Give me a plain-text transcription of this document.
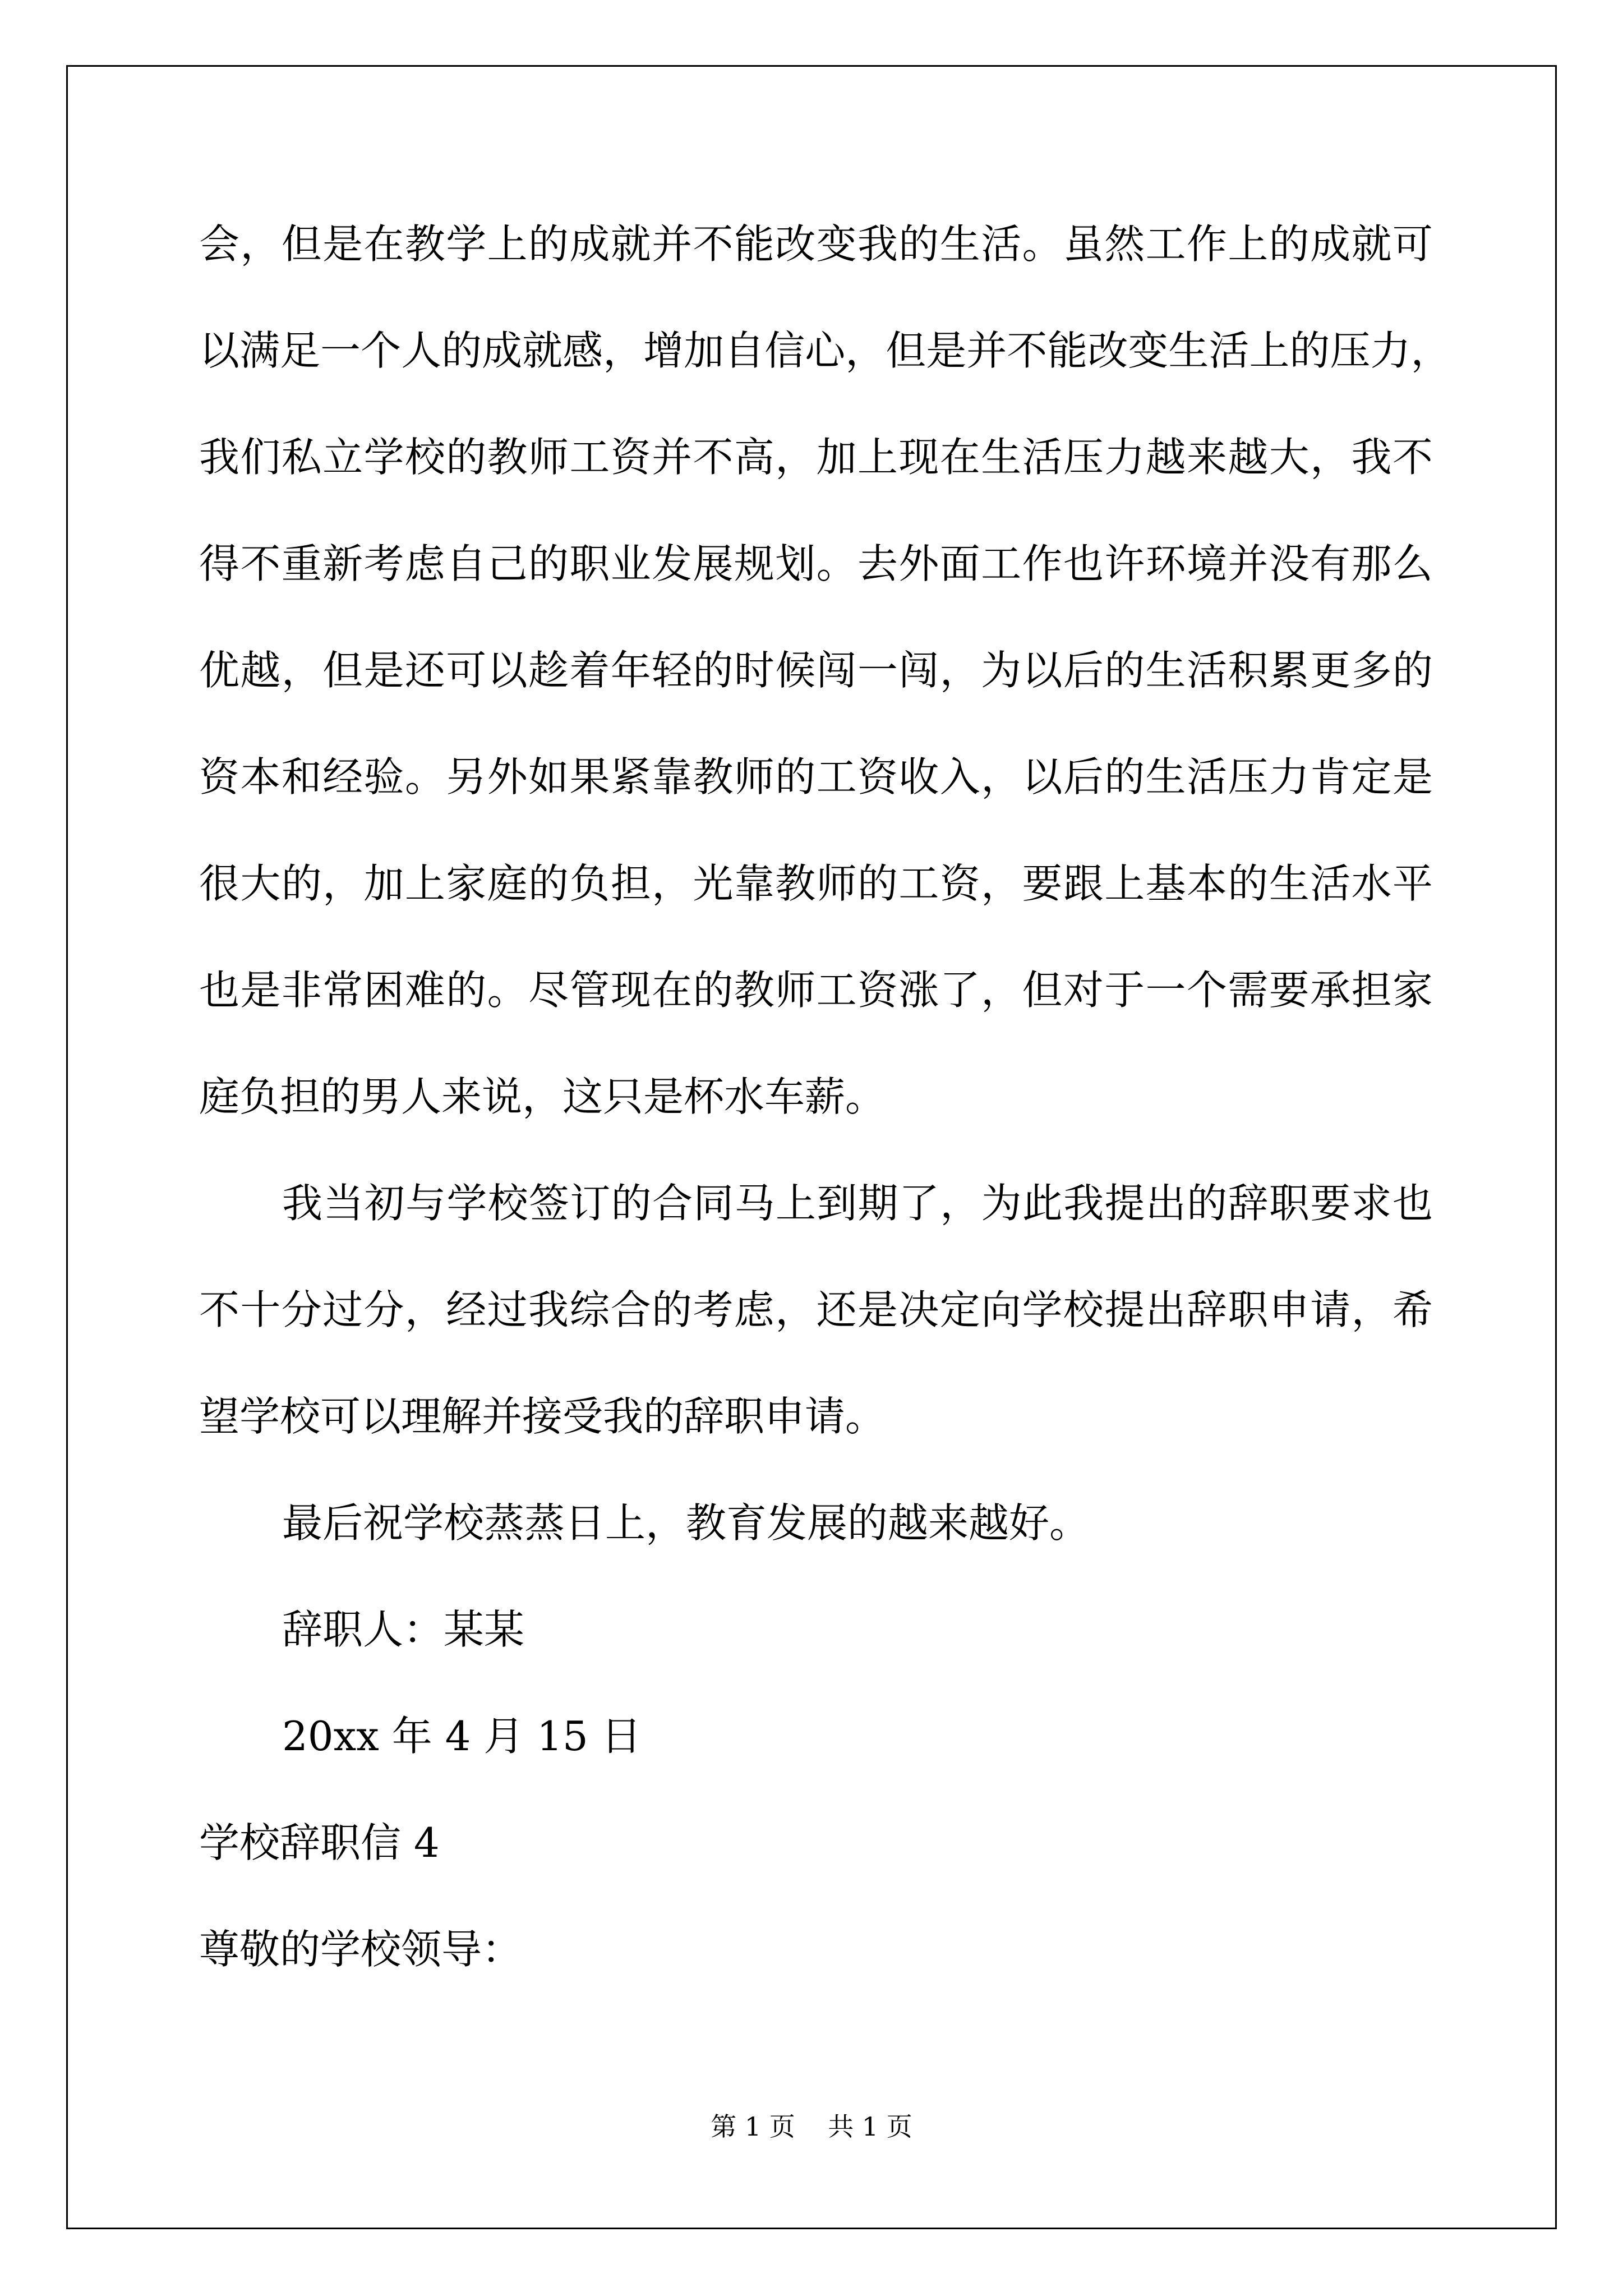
会 ， 但 是 在 教 学 上 的 成 就 并 不 能 改 变 我 的 生 活 。 虽 然 工 作 上 的 成 就 可
以 满 足 一 个 人 的 成 就 感 ， 增 加 自 信 心 ， 但 是 并 不 能 改 变 生 活 上 的 压 力 ，
我 们 私 立 学 校 的 教 师 工 资 并 不 高 ， 加 上 现 在 生 活 压 力 越 来 越 大 ， 我 不
得 不 重 新 考 虑 自 己 的 职 业 发 展 规 划 。 去 外 面 工 作 也 许 环 境 并 没 有 那 么
优 越 ， 但 是 还 可 以 趁 着 年 轻 的 时 候 闯 一 闯 ， 为 以 后 的 生 活 积 累 更 多 的
资 本 和 经 验 。 另 外 如 果 紧 靠 教 师 的 工 资 收 入 ， 以 后 的 生 活 压 力 肯 定 是
很 大 的 ， 加 上 家 庭 的 负 担 ， 光 靠 教 师 的 工 资 ， 要 跟 上 基 本 的 生 活 水 平
也 是 非 常 困 难 的 。 尽 管 现 在 的 教 师 工 资 涨 了 ， 但 对 于 一 个 需 要 承 担 家
庭负担的男人来说，这只是杯水车薪。
我 当 初 与 学 校 签 订 的 合 同 马 上 到 期 了 ， 为 此 我 提 出 的 辞 职 要 求 也
不 十 分 过 分 ， 经 过 我 综 合 的 考 虑 ， 还 是 决 定 向 学 校 提 出 辞 职 申 请 ， 希
望学校可以理解并接受我的辞职申请。
最后祝学校蒸蒸日上，教育发展的越来越好。
辞职人：某某
20xx 年 4 月 15 日
学校辞职信 4
尊敬的学校领导：
第 1 页 共 1 页
